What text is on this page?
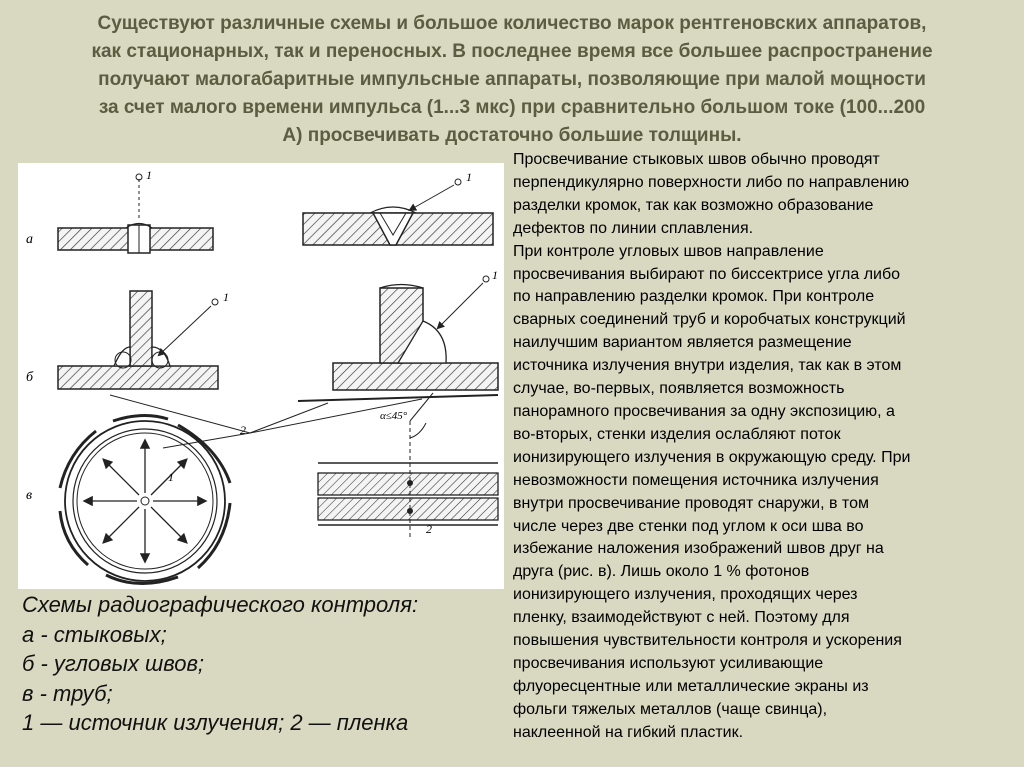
Существуют различные схемы и большое количество марок рентгеновских аппаратов,
как стационарных, так и переносных. В последнее время все большее распространение
получают малогабаритные импульсные аппараты, позволяющие при малой мощности
за счет малого времени импульса (1...3 мкс) при сравнительно большом токе (100...200
А) просвечивать достаточно большие толщины.
а
б
в
1	1
1
1
2
1
α≤45°
2
Схемы радиографического контроля:
а - стыковых;
б - угловых швов;
в - труб;
1 — источник излучения; 2 — пленка
Просвечивание стыковых швов обычно проводят
перпендикулярно поверхности либо по направлению
разделки кромок, так как возможно образование
дефектов по линии сплавления.
При контроле угловых швов направление
просвечивания выбирают по биссектрисе угла либо
по направлению разделки кромок. При контроле
сварных соединений труб и коробчатых конструкций
наилучшим вариантом является размещение
источника излучения внутри изделия, так как в этом
случае, во-первых, появляется возможность
панорамного просвечивания за одну экспозицию, а
во-вторых, стенки изделия ослабляют поток
ионизирующего излучения в окружающую среду. При
невозможности помещения источника излучения
внутри просвечивание проводят снаружи, в том
числе через две стенки под углом к оси шва во
избежание наложения изображений швов друг на
друга (рис. в). Лишь около 1 % фотонов
ионизирующего излучения, проходящих через
пленку, взаимодействуют с ней. Поэтому для
повышения чувствительности контроля и ускорения
просвечивания используют усиливающие
флуоресцентные или металлические экраны из
фольги тяжелых металлов (чаще свинца),
наклеенной на гибкий пластик.
